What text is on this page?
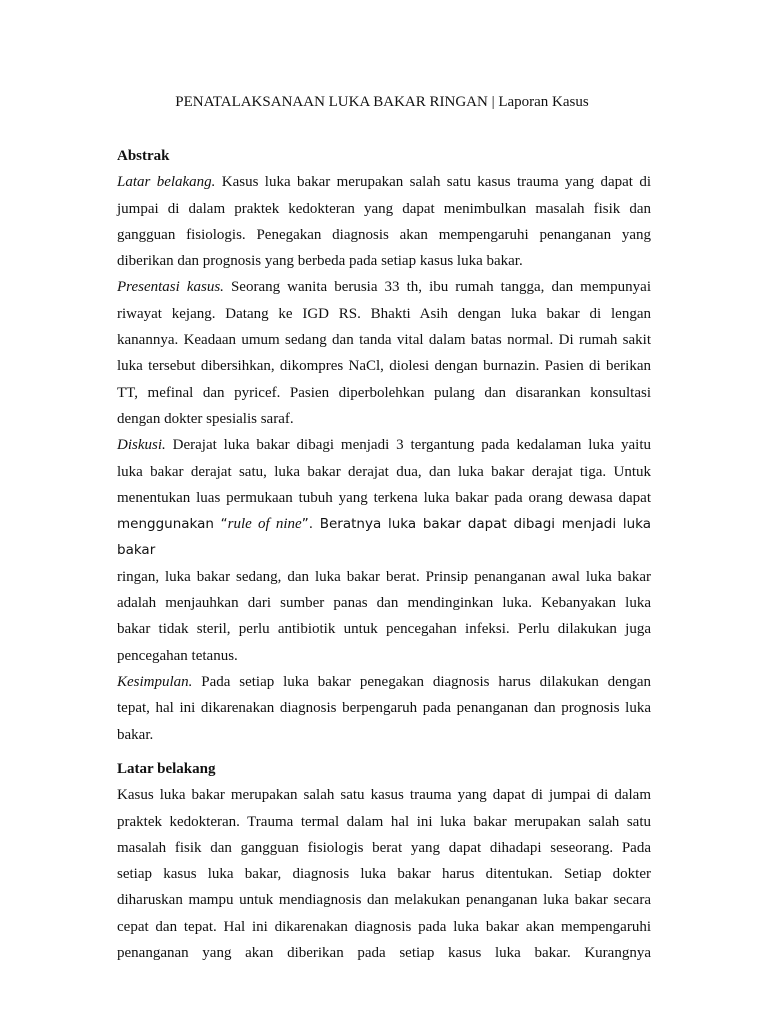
PENATALAKSANAAN LUKA BAKAR RINGAN | Laporan Kasus
Abstrak

Latar belakang. Kasus luka bakar merupakan salah satu kasus trauma yang dapat di
jumpai di dalam praktek kedokteran yang dapat menimbulkan masalah fisik dan
gangguan fisiologis. Penegakan diagnosis akan mempengaruhi penanganan yang
diberikan dan prognosis yang berbeda pada setiap kasus luka bakar.

Presentasi kasus. Seorang wanita berusia 33 th, ibu rumah tangga, dan mempunyai
riwayat kejang. Datang ke IGD RS. Bhakti Asih dengan luka bakar di lengan
kanannya. Keadaan umum sedang dan tanda vital dalam batas normal. Di rumah sakit
luka tersebut dibersihkan, dikompres NaCl, diolesi dengan burnazin. Pasien di berikan
TT, mefinal dan pyricef. Pasien diperbolehkan pulang dan disarankan konsultasi
dengan dokter spesialis saraf.

Diskusi. Derajat luka bakar dibagi menjadi 3 tergantung pada kedalaman luka yaitu
luka bakar derajat satu, luka bakar derajat dua, dan luka bakar derajat tiga. Untuk
menentukan luas permukaan tubuh yang terkena luka bakar pada orang dewasa dapat
menggunakan “rule of nine”. Beratnya luka bakar dapat dibagi menjadi luka bakar
ringan, luka bakar sedang, dan luka bakar berat. Prinsip penanganan awal luka bakar
adalah menjauhkan dari sumber panas dan mendinginkan luka. Kebanyakan luka
bakar tidak steril, perlu antibiotik untuk pencegahan infeksi. Perlu dilakukan juga
pencegahan tetanus.

Kesimpulan. Pada setiap luka bakar penegakan diagnosis harus dilakukan dengan
tepat, hal ini dikarenakan diagnosis berpengaruh pada penanganan dan prognosis luka
bakar.

Latar belakang

Kasus luka bakar merupakan salah satu kasus trauma yang dapat di jumpai di dalam
praktek kedokteran. Trauma termal dalam hal ini luka bakar merupakan salah satu
masalah fisik dan gangguan fisiologis berat yang dapat dihadapi seseorang. Pada
setiap kasus luka bakar, diagnosis luka bakar harus ditentukan. Setiap dokter
diharuskan mampu untuk mendiagnosis dan melakukan penanganan luka bakar secara
cepat dan tepat. Hal ini dikarenakan diagnosis pada luka bakar akan mempengaruhi
penanganan yang akan diberikan pada setiap kasus luka bakar. Kurangnya
